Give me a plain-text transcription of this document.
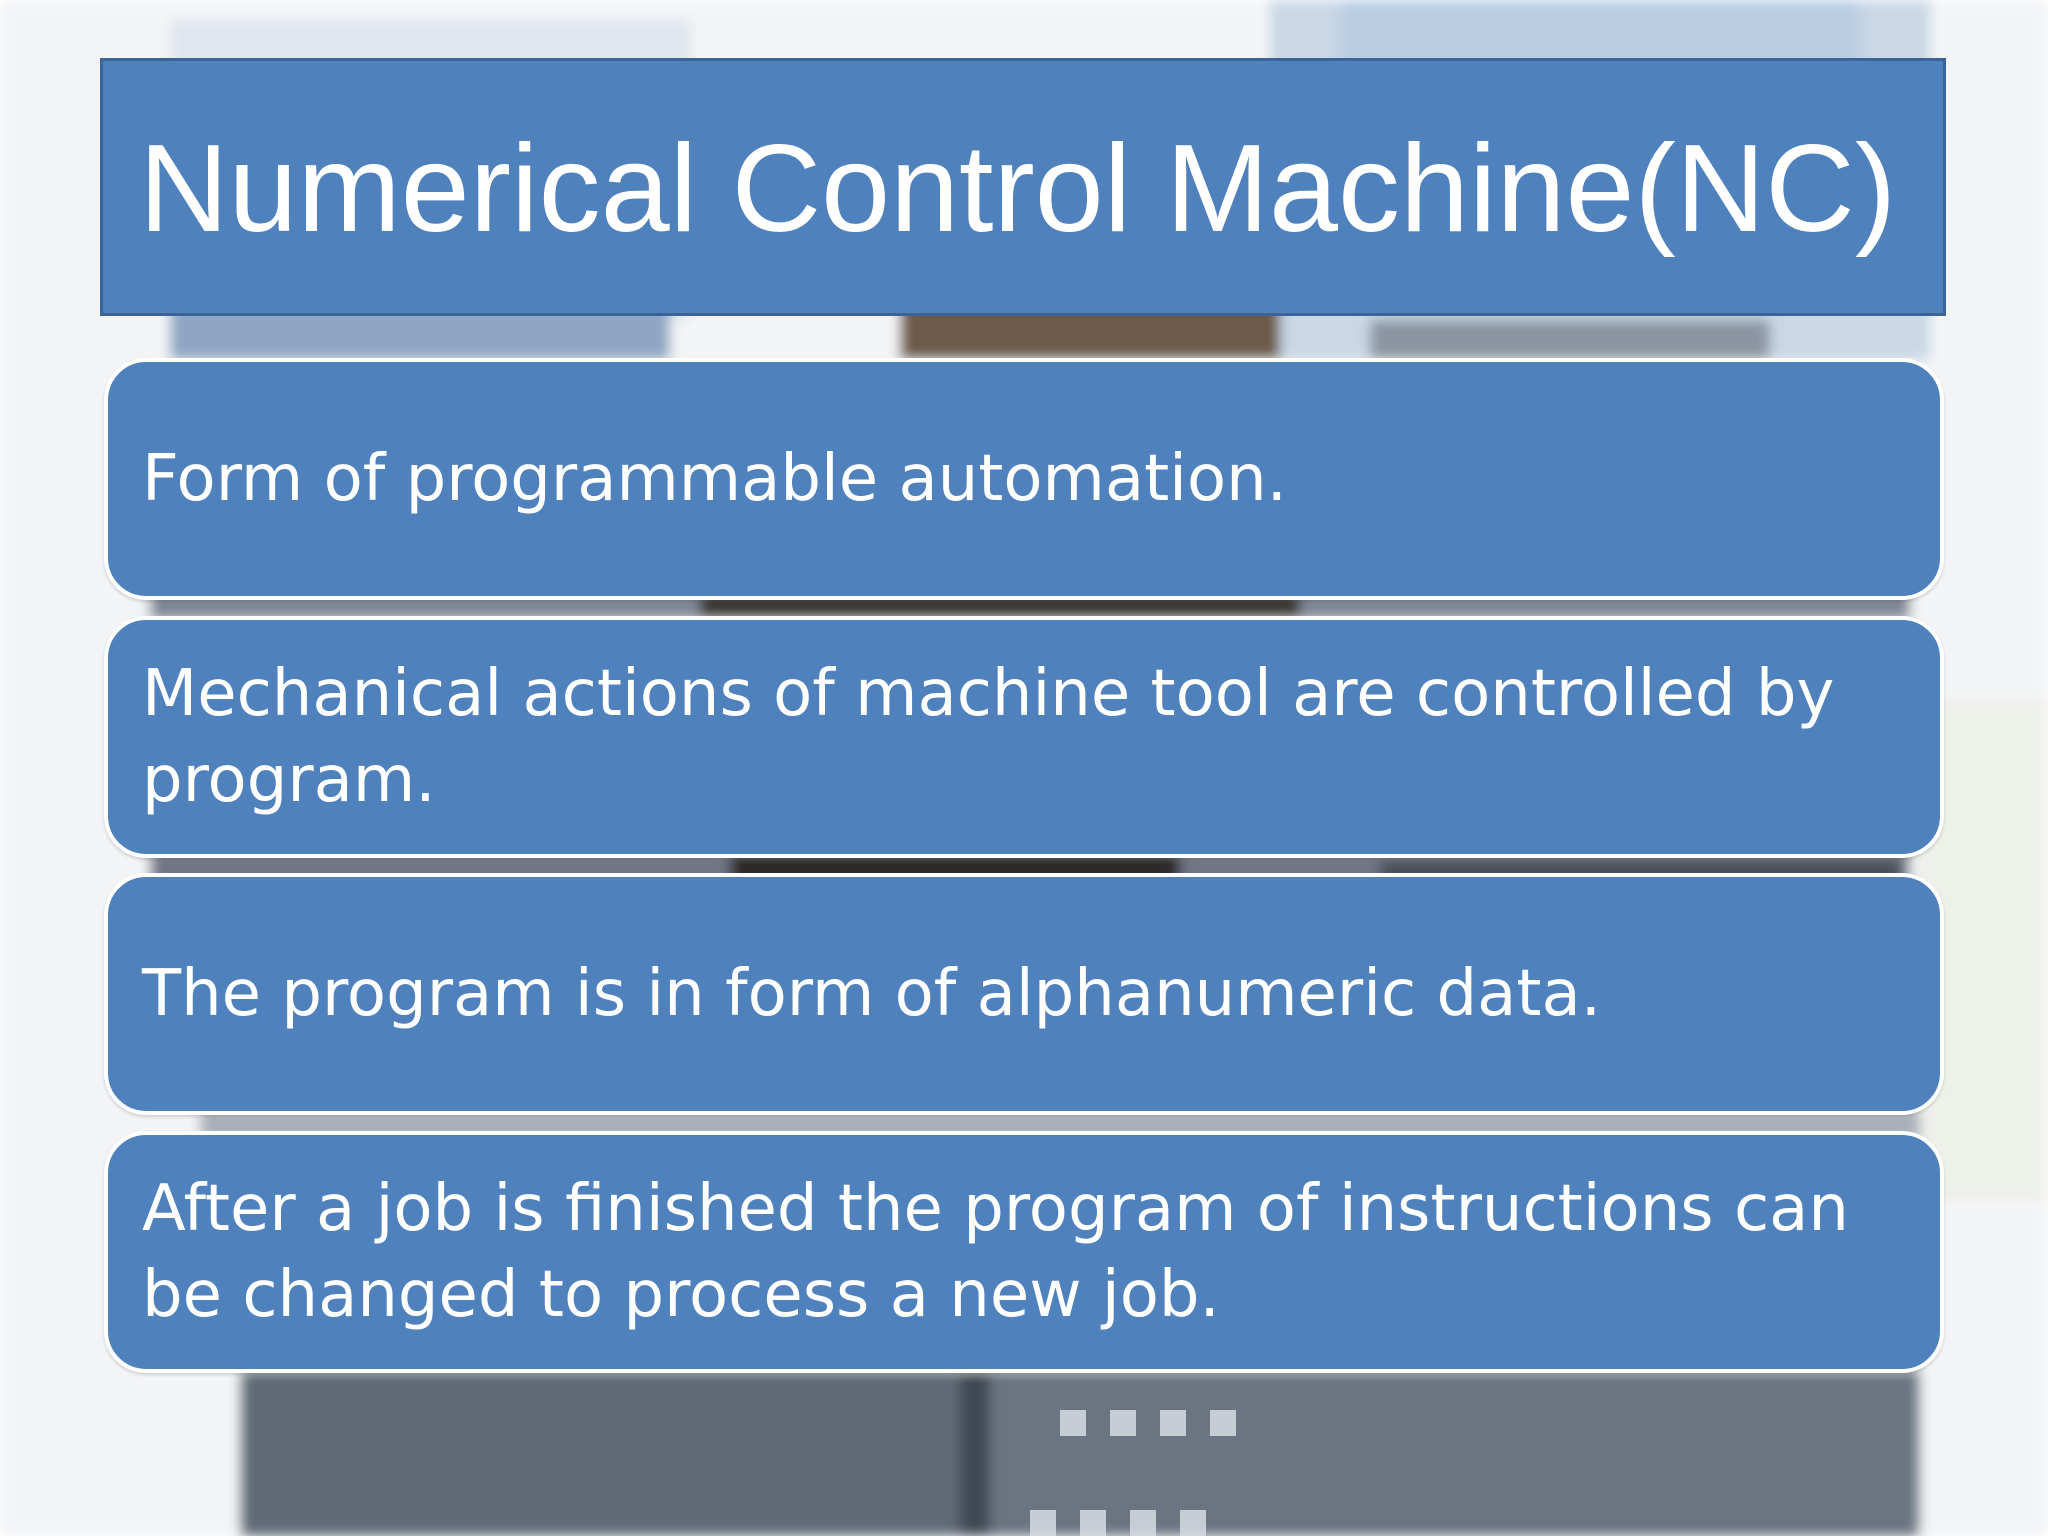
Numerical Control Machine(NC)
Form of programmable automation.
Mechanical actions of machine tool are controlled by program.
The program is in form of alphanumeric data.
After a job is finished the program of instructions can be changed to process a new job.
